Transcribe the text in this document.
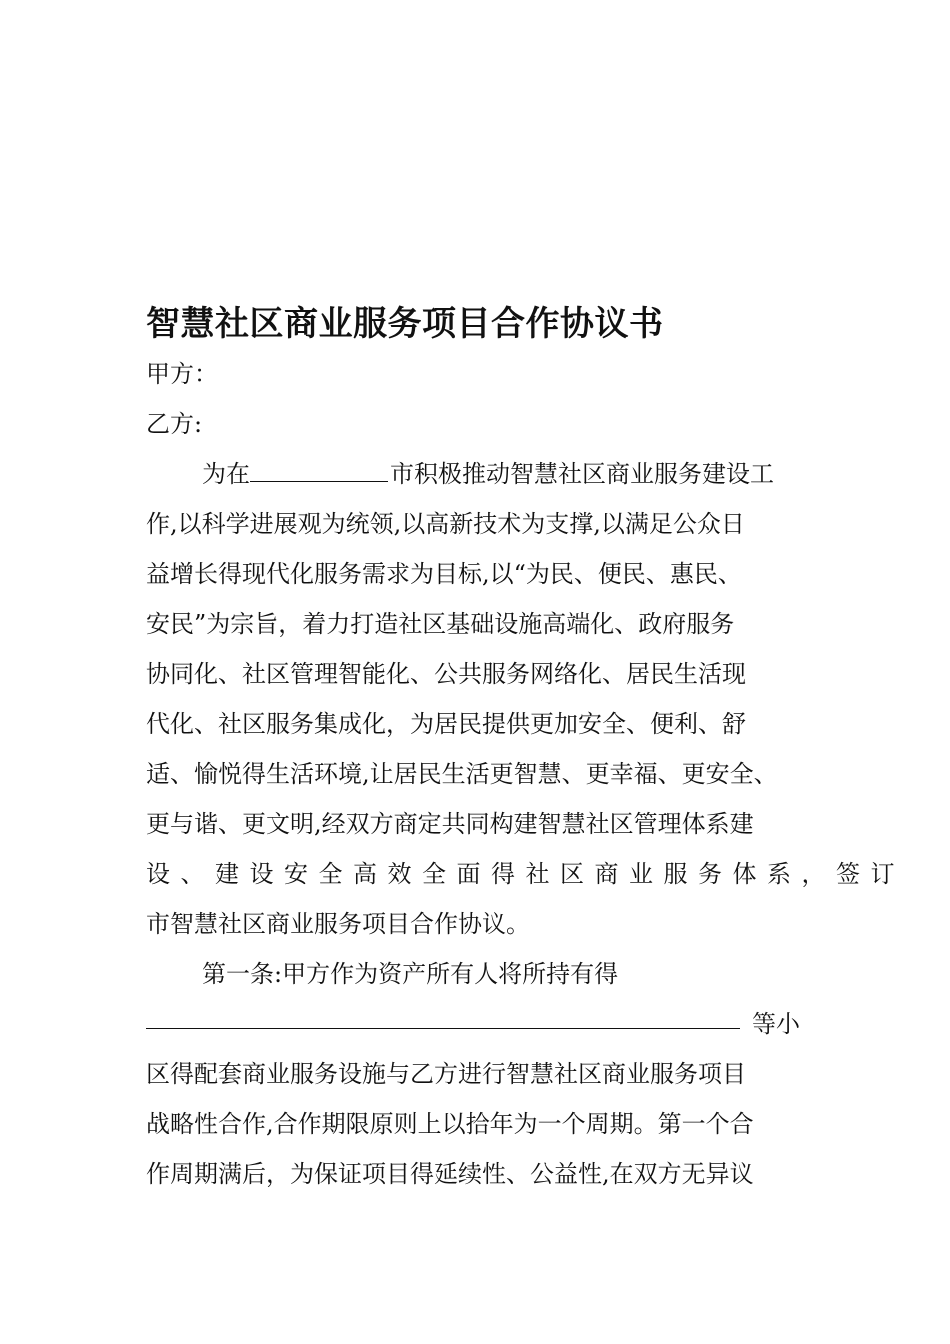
智慧社区商业服务项目合作协议书
甲方：
乙方:
为在	市积极推动智慧社区商业服务建设工
作,以科学进展观为统领,以高新技术为支撑,以满足公众日
益增长得现代化服务需求为目标,以“为民、便民、惠民、
安民”为宗旨，着力打造社区基础设施高端化、政府服务
协同化、社区管理智能化、公共服务网络化、居民生活现
代化、社区服务集成化，为居民提供更加安全、便利、舒
适、愉悦得生活环境,让居民生活更智慧、更幸福、更安全、
更与谐、更文明,经双方商定共同构建智慧社区管理体系建
设、建设安全高效全面得社区商业服务体系，签订
市智慧社区商业服务项目合作协议。
第一条:甲方作为资产所有人将所持有得
等小
区得配套商业服务设施与乙方进行智慧社区商业服务项目
战略性合作,合作期限原则上以拾年为一个周期。第一个合
作周期满后，为保证项目得延续性、公益性,在双方无异议
